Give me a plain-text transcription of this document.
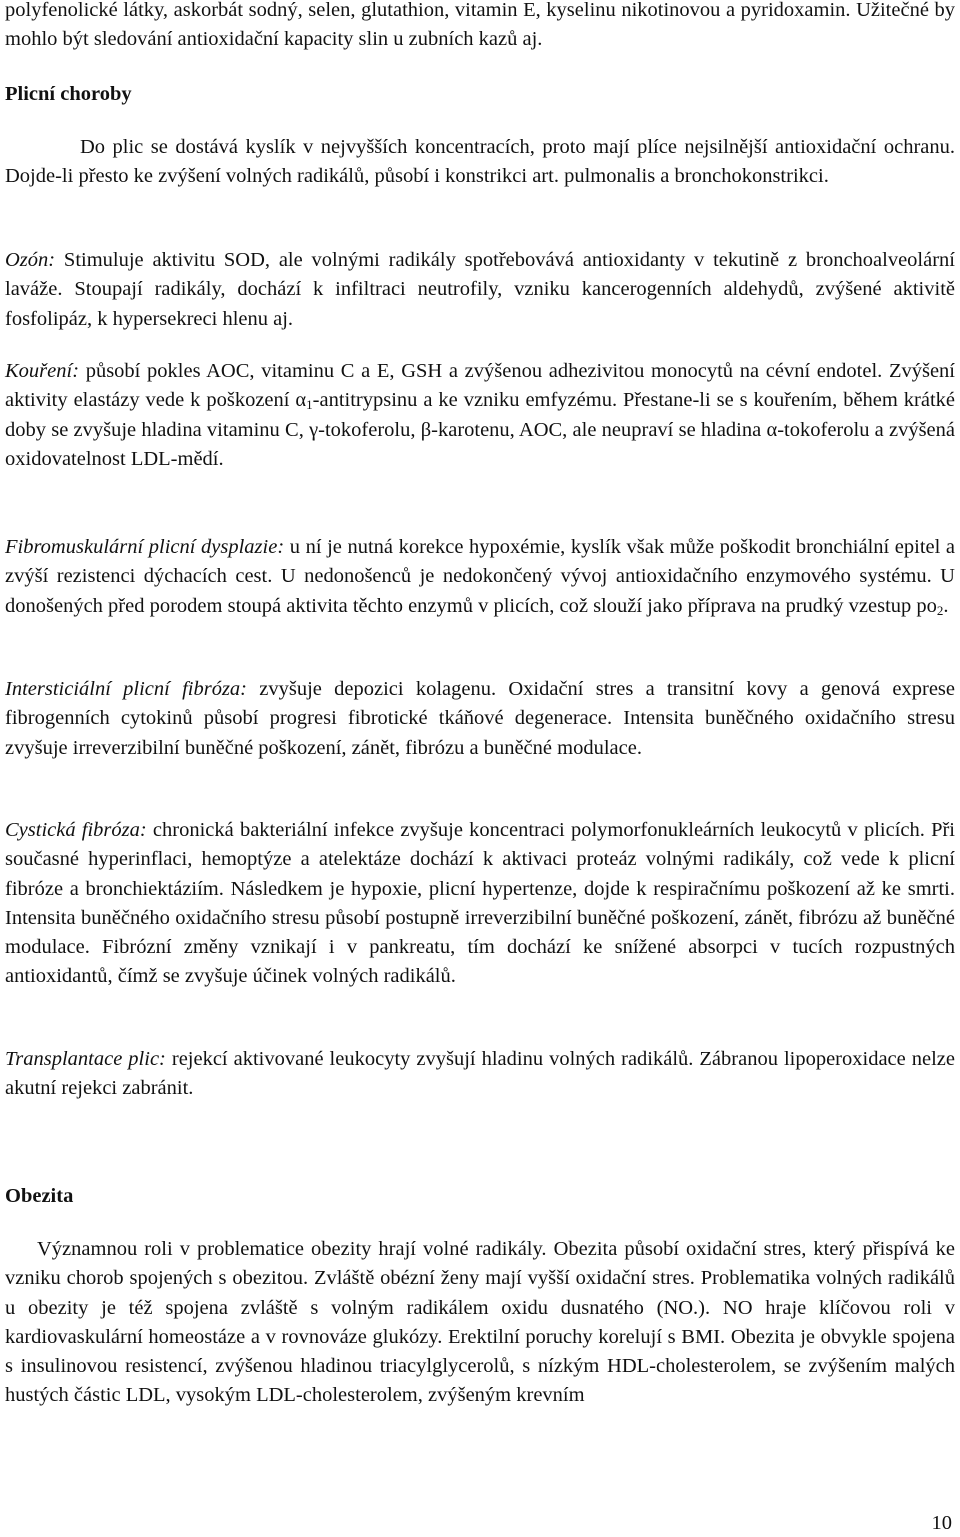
polyfenolické látky, askorbát sodný, selen, glutathion, vitamin E, kyselinu nikotinovou a pyridoxamin. Užitečné by mohlo být sledování antioxidační kapacity slin u zubních kazů aj.

Plicní choroby

Do plic se dostává kyslík v nejvyšších koncentracích, proto mají plíce nejsilnější antioxidační ochranu. Dojde-li přesto ke zvýšení volných radikálů, působí i konstrikci art. pulmonalis a bronchokonstrikci.

Ozón: Stimuluje aktivitu SOD, ale volnými radikály spotřebovává antioxidanty v tekutině z bronchoalveolární laváže. Stoupají radikály, dochází k infiltraci neutrofily, vzniku kancerogenních aldehydů, zvýšené aktivitě fosfolipáz, k hypersekreci hlenu aj.

Kouření: působí pokles AOC, vitaminu C a E, GSH a zvýšenou adhezivitou monocytů na cévní endotel. Zvýšení aktivity elastázy vede k poškození $\alpha_1$-antitrypsinu a ke vzniku emfyzému. Přestane-li se s kouřením, během krátké doby se zvyšuje hladina vitaminu C, γ-tokoferolu, β-karotenu, AOC, ale neupraví se hladina α-tokoferolu a zvýšená oxidovatelnost LDL-mědí.

Fibromuskulární plicní dysplazie: u ní je nutná korekce hypoxémie, kyslík však může poškodit bronchiální epitel a zvýší rezistenci dýchacích cest. U nedonošenců je nedokončený vývoj antioxidačního enzymového systému. U donošených před porodem stoupá aktivita těchto enzymů v plicích, což slouží jako příprava na prudký vzestup $po_2$.

Intersticiální plicní fibróza: zvyšuje depozici kolagenu. Oxidační stres a transitní kovy a genová exprese fibrogenních cytokinů působí progresi fibrotické tkáňové degenerace. Intensita buněčného oxidačního stresu zvyšuje irreverzibilní buněčné poškození, zánět, fibrózu a buněčné modulace.

Cystická fibróza: chronická bakteriální infekce zvyšuje koncentraci polymorfonukleárních leukocytů v plicích. Při současné hyperinflaci, hemoptýze a atelektáze dochází k aktivaci proteáz volnými radikály, což vede k plicní fibróze a bronchiektáziím. Následkem je hypoxie, plicní hypertenze, dojde k respiračnímu poškození až ke smrti. Intensita buněčného oxidačního stresu působí postupně irreverzibilní buněčné poškození, zánět, fibrózu až buněčné modulace. Fibrózní změny vznikají i v pankreatu, tím dochází ke snížené absorpci v tucích rozpustných antioxidantů, čímž se zvyšuje účinek volných radikálů.

Transplantace plic: rejekcí aktivované leukocyty zvyšují hladinu volných radikálů. Zábranou lipoperoxidace nelze akutní rejekci zabránit.

Obezita

Významnou roli v problematice obezity hrají volné radikály. Obezita působí oxidační stres, který přispívá ke vzniku chorob spojených s obezitou. Zvláště obézní ženy mají vyšší oxidační stres. Problematika volných radikálů u obezity je též spojena zvláště s volným radikálem oxidu dusnatého (NO.). NO hraje klíčovou roli v kardiovaskulární homeostáze a v rovnováze glukózy. Erektilní poruchy korelují s BMI. Obezita je obvykle spojena s insulinovou resistencí, zvýšenou hladinou triacylglycerolů, s nízkým HDL-cholesterolem, se zvýšením malých hustých částic LDL, vysokým LDL-cholesterolem, zvýšeným krevním

10
